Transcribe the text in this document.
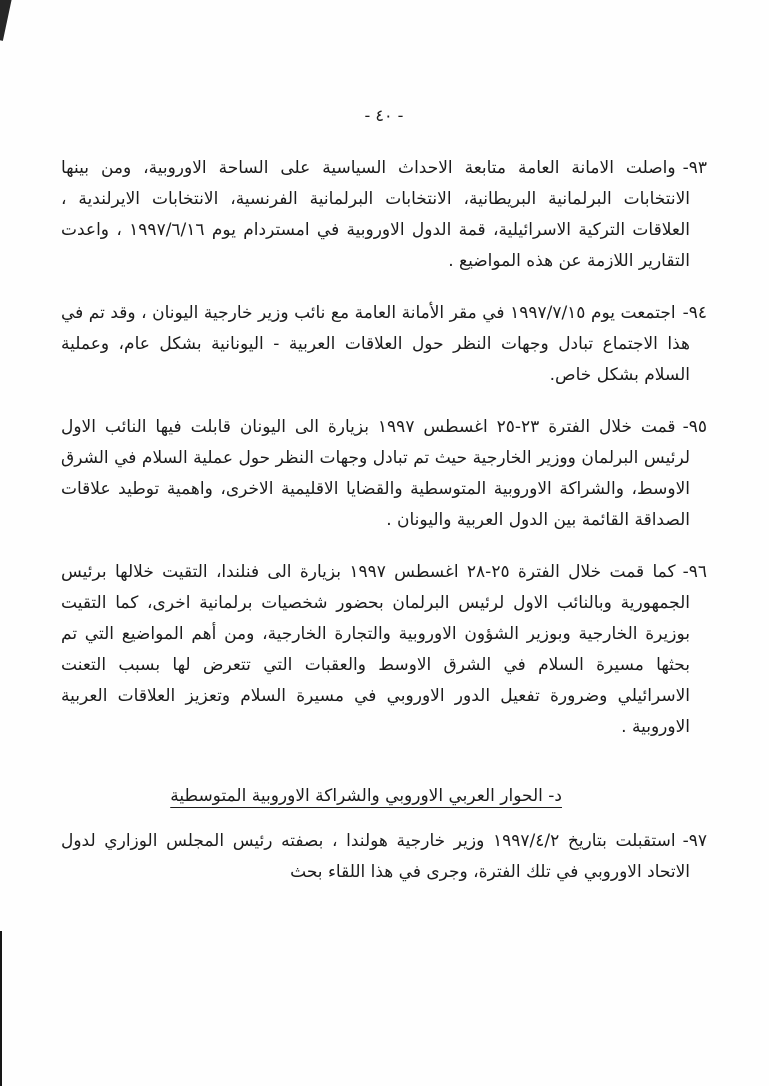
- ٤٠ -

٩٣-واصلت الامانة العامة متابعة الاحداث السياسية على الساحة الاوروبية، ومن بينها الانتخابات البرلمانية البريطانية، الانتخابات البرلمانية الفرنسية، الانتخابات الايرلندية ، العلاقات التركية الاسرائيلية، قمة الدول الاوروبية في امستردام يوم ١٩٩٧/٦/١٦ ، واعدت التقارير اللازمة عن هذه المواضيع .

٩٤-اجتمعت يوم ١٩٩٧/٧/١٥ في مقر الأمانة العامة مع نائب وزير خارجية اليونان ، وقد تم في هذا الاجتماع تبادل وجهات النظر حول العلاقات العربية - اليونانية بشكل عام، وعملية السلام بشكل خاص.

٩٥-قمت خلال الفترة ٢٣-٢٥ اغسطس ١٩٩٧ بزيارة الى اليونان قابلت فيها النائب الاول لرئيس البرلمان ووزير الخارجية حيث تم تبادل وجهات النظر حول عملية السلام في الشرق الاوسط، والشراكة الاوروبية المتوسطية والقضايا الاقليمية الاخرى، واهمية توطيد علاقات الصداقة القائمة بين الدول العربية واليونان .

٩٦-كما قمت خلال الفترة ٢٥-٢٨ اغسطس ١٩٩٧ بزيارة الى فنلندا، التقيت خلالها برئيس الجمهورية وبالنائب الاول لرئيس البرلمان بحضور شخصيات برلمانية اخرى، كما التقيت بوزيرة الخارجية وبوزير الشؤون الاوروبية والتجارة الخارجية، ومن أهم المواضيع التي تم بحثها مسيرة السلام في الشرق الاوسط والعقبات التي تتعرض لها بسبب التعنت الاسرائيلي وضرورة تفعيل الدور الاوروبي في مسيرة السلام وتعزيز العلاقات العربية الاوروبية .

د- الحوار العربي الاوروبي والشراكة الاوروبية المتوسطية

٩٧-استقبلت بتاريخ ١٩٩٧/٤/٢ وزير خارجية هولندا ، بصفته رئيس المجلس الوزاري لدول الاتحاد الاوروبي في تلك الفترة، وجرى في هذا اللقاء بحث
